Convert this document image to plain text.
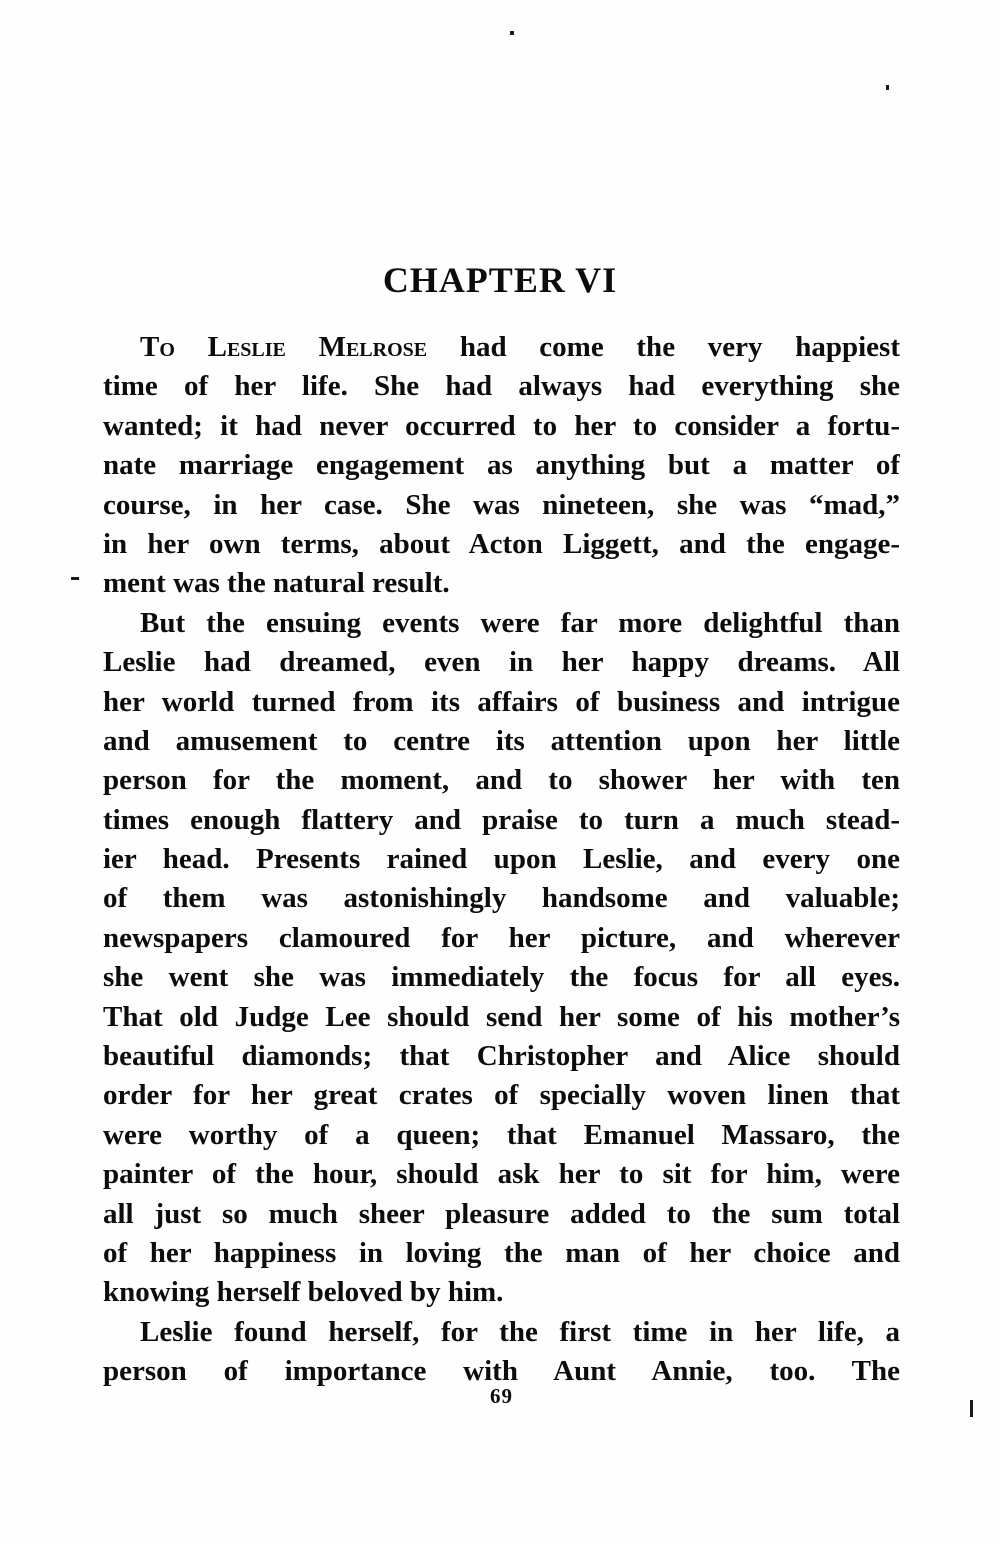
CHAPTER VI
To Leslie Melrose had come the very happiest
time of her life. She had always had everything she
wanted; it had never occurred to her to consider a fortu-
nate marriage engagement as anything but a matter of
course, in her case. She was nineteen, she was “mad,”
in her own terms, about Acton Liggett, and the engage-
ment was the natural result.
But the ensuing events were far more delightful than
Leslie had dreamed, even in her happy dreams. All
her world turned from its affairs of business and intrigue
and amusement to centre its attention upon her little
person for the moment, and to shower her with ten
times enough flattery and praise to turn a much stead-
ier head. Presents rained upon Leslie, and every one
of them was astonishingly handsome and valuable;
newspapers clamoured for her picture, and wherever
she went she was immediately the focus for all eyes.
That old Judge Lee should send her some of his mother’s
beautiful diamonds; that Christopher and Alice should
order for her great crates of specially woven linen that
were worthy of a queen; that Emanuel Massaro, the
painter of the hour, should ask her to sit for him, were
all just so much sheer pleasure added to the sum total
of her happiness in loving the man of her choice and
knowing herself beloved by him.
Leslie found herself, for the first time in her life, a
person of importance with Aunt Annie, too. The
69
